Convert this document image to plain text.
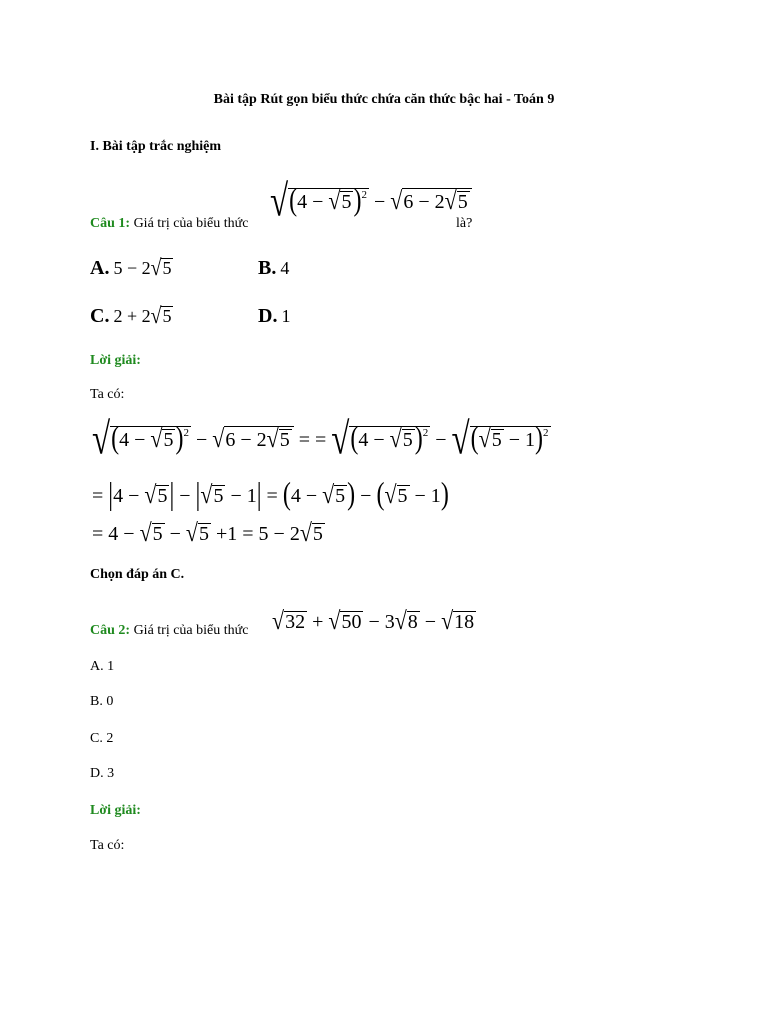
Bài tập Rút gọn biểu thức chứa căn thức bậc hai - Toán 9
I. Bài tập trắc nghiệm
Câu 1: Giá trị của biểu thức $√(4 - √5)^2 - √6 - 2√5$
là?
A. 5 − 2√5	B. 4
C. 2 + 2√5	D. 1
Lời giải:
Ta có:
$√(4 - √5)^2 - √6 - 2√5$ = = $√(4 - √5)^2 - √(√5 - 1)^2$
= |4 − √5| − |√5 − 1| = (4 − √5) − (√5 − 1)
= 4 − √5 − √5 +1 = 5 − 2√5
Chọn đáp án C.
Câu 2: Giá trị của biểu thức √32 + √50 − 3√8 − √18
A. 1
B. 0
C. 2
D. 3
Lời giải:
Ta có:
